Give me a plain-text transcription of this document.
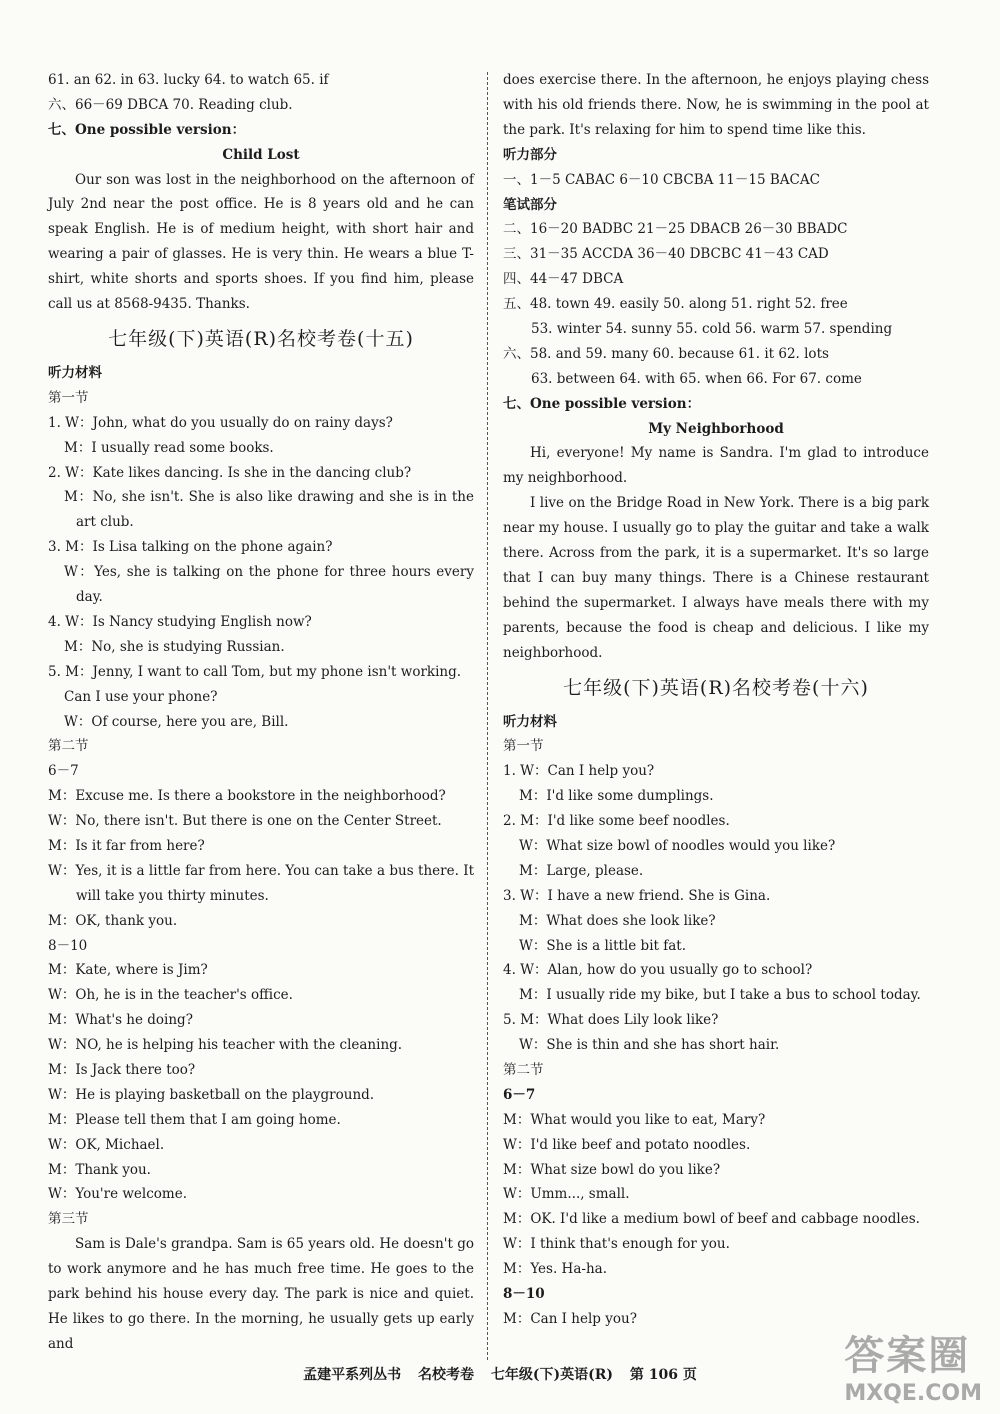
61. an 62. in 63. lucky 64. to watch 65. if
六、66－69 DBCA 70. Reading club.
七、One possible version：
Child Lost
Our son was lost in the neighborhood on the afternoon of July 2nd near the post office. He is 8 years old and he can speak English. He is of medium height, with short hair and wearing a pair of glasses. He is very thin. He wears a blue T-shirt, white shorts and sports shoes. If you find him, please call us at 8568-9435. Thanks.
七年级(下)英语(R)名校考卷(十五)
听力材料
第一节
1. W：John, what do you usually do on rainy days?
M：I usually read some books.
2. W：Kate likes dancing. Is she in the dancing club?
M：No, she isn't. She is also like drawing and she is in the art club.
3. M：Is Lisa talking on the phone again?
W：Yes, she is talking on the phone for three hours every day.
4. W：Is Nancy studying English now?
M：No, she is studying Russian.
5. M：Jenny, I want to call Tom, but my phone isn't working.
Can I use your phone?
W：Of course, here you are, Bill.
第二节
6－7
M：Excuse me. Is there a bookstore in the neighborhood?
W：No, there isn't. But there is one on the Center Street.
M：Is it far from here?
W：Yes, it is a little far from here. You can take a bus there. It will take you thirty minutes.
M：OK, thank you.
8－10
M：Kate, where is Jim?
W：Oh, he is in the teacher's office.
M：What's he doing?
W：NO, he is helping his teacher with the cleaning.
M：Is Jack there too?
W：He is playing basketball on the playground.
M：Please tell them that I am going home.
W：OK, Michael.
M：Thank you.
W：You're welcome.
第三节
Sam is Dale's grandpa. Sam is 65 years old. He doesn't go to work anymore and he has much free time. He goes to the park behind his house every day. The park is nice and quiet. He likes to go there. In the morning, he usually gets up early and
does exercise there. In the afternoon, he enjoys playing chess with his old friends there. Now, he is swimming in the pool at the park. It's relaxing for him to spend time like this.
听力部分
一、1－5 CABAC 6－10 CBCBA 11－15 BACAC
笔试部分
二、16－20 BADBC 21－25 DBACB 26－30 BBADC
三、31－35 ACCDA 36－40 DBCBC 41－43 CAD
四、44－47 DBCA
五、48. town 49. easily 50. along 51. right 52. free
53. winter 54. sunny 55. cold 56. warm 57. spending
六、58. and 59. many 60. because 61. it 62. lots
63. between 64. with 65. when 66. For 67. come
七、One possible version：
My Neighborhood
Hi, everyone! My name is Sandra. I'm glad to introduce my neighborhood.
I live on the Bridge Road in New York. There is a big park near my house. I usually go to play the guitar and take a walk there. Across from the park, it is a supermarket. It's so large that I can buy many things. There is a Chinese restaurant behind the supermarket. I always have meals there with my parents, because the food is cheap and delicious. I like my neighborhood.
七年级(下)英语(R)名校考卷(十六)
听力材料
第一节
1. W：Can I help you?
M：I'd like some dumplings.
2. M：I'd like some beef noodles.
W：What size bowl of noodles would you like?
M：Large, please.
3. W：I have a new friend. She is Gina.
M：What does she look like?
W：She is a little bit fat.
4. W：Alan, how do you usually go to school?
M：I usually ride my bike, but I take a bus to school today.
5. M：What does Lily look like?
W：She is thin and she has short hair.
第二节
6－7
M：What would you like to eat, Mary?
W：I'd like beef and potato noodles.
M：What size bowl do you like?
W：Umm..., small.
M：OK. I'd like a medium bowl of beef and cabbage noodles.
W：I think that's enough for you.
M：Yes. Ha-ha.
8－10
M：Can I help you?
孟建平系列丛书 名校考卷 七年级(下)英语(R) 第 106 页	答案圈
MXQE.COM
